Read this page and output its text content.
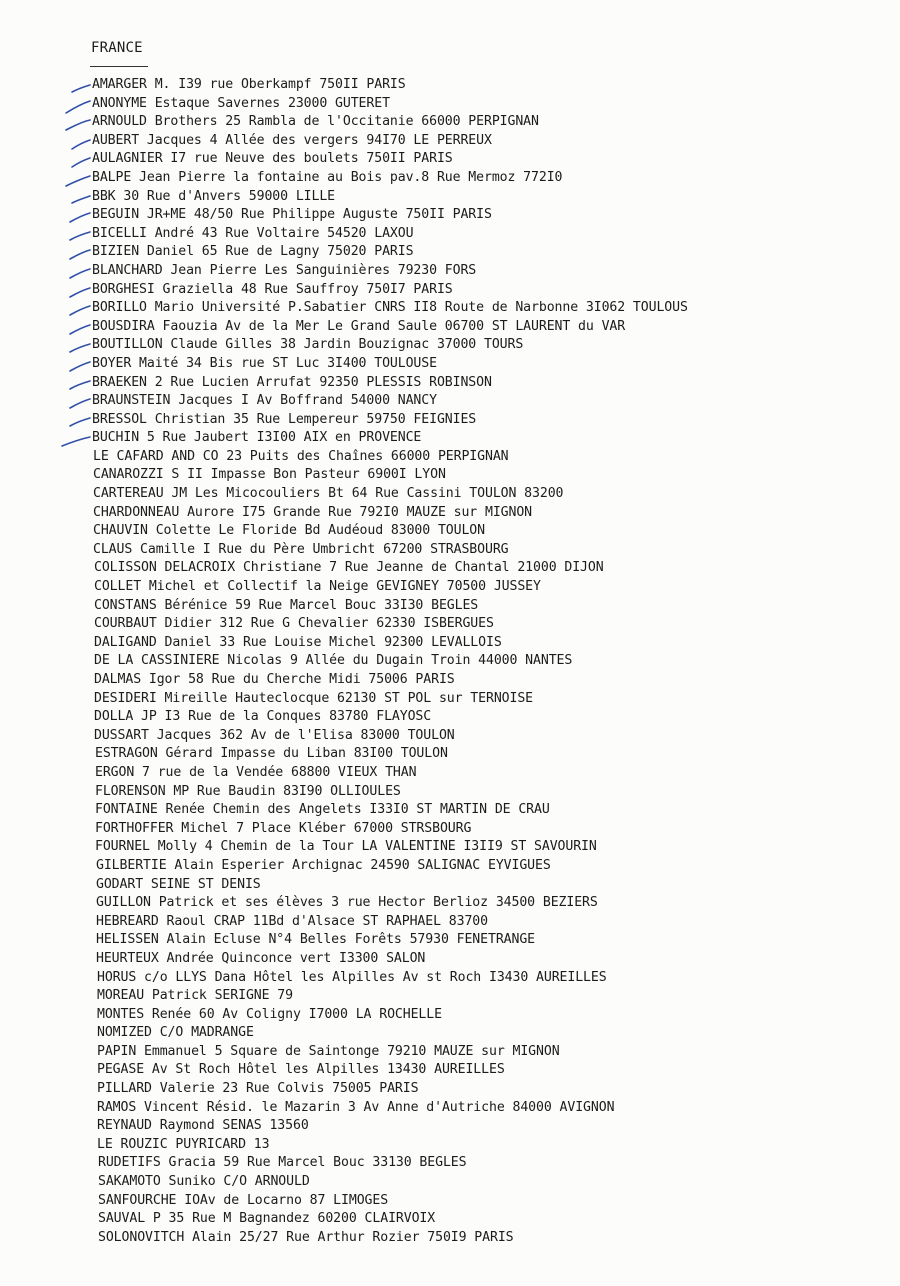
FRANCE
AMARGER M. I39 rue Oberkampf 750II PARIS
ANONYME Estaque Savernes 23000 GUTERET
ARNOULD Brothers 25 Rambla de l'Occitanie 66000 PERPIGNAN
AUBERT Jacques 4 Allée des vergers 94I70 LE PERREUX
AULAGNIER I7 rue Neuve des boulets 750II PARIS
BALPE Jean Pierre la fontaine au Bois pav.8 Rue Mermoz 772I0
BBK 30 Rue d'Anvers 59000 LILLE
BEGUIN JR+ME 48/50 Rue Philippe Auguste 750II PARIS
BICELLI André 43 Rue Voltaire 54520 LAXOU
BIZIEN Daniel 65 Rue de Lagny 75020 PARIS
BLANCHARD Jean Pierre Les Sanguinières 79230 FORS
BORGHESI Graziella 48 Rue Sauffroy 750I7 PARIS
BORILLO Mario Université P.Sabatier CNRS II8 Route de Narbonne 3I062 TOULOUS
BOUSDIRA Faouzia Av de la Mer Le Grand Saule 06700 ST LAURENT du VAR
BOUTILLON Claude Gilles 38 Jardin Bouzignac 37000 TOURS
BOYER Maité 34 Bis rue ST Luc 3I400 TOULOUSE
BRAEKEN 2 Rue Lucien Arrufat 92350 PLESSIS ROBINSON
BRAUNSTEIN Jacques I Av Boffrand 54000 NANCY
BRESSOL Christian 35 Rue Lempereur 59750 FEIGNIES
BUCHIN 5 Rue Jaubert I3I00 AIX en PROVENCE
LE CAFARD AND CO 23 Puits des Chaînes 66000 PERPIGNAN
CANAROZZI S II Impasse Bon Pasteur 6900I LYON
CARTEREAU JM Les Micocouliers Bt 64 Rue Cassini TOULON 83200
CHARDONNEAU Aurore I75 Grande Rue 792I0 MAUZE sur MIGNON
CHAUVIN Colette Le Floride Bd Audéoud 83000 TOULON
CLAUS Camille I Rue du Père Umbricht 67200 STRASBOURG
COLISSON DELACROIX Christiane 7 Rue Jeanne de Chantal 21000 DIJON
COLLET Michel et Collectif la Neige GEVIGNEY 70500 JUSSEY
CONSTANS Bérénice 59 Rue Marcel Bouc 33I30 BEGLES
COURBAUT Didier 312 Rue G Chevalier 62330 ISBERGUES
DALIGAND Daniel 33 Rue Louise Michel 92300 LEVALLOIS
DE LA CASSINIERE Nicolas 9 Allée du Dugain Troin 44000 NANTES
DALMAS Igor 58 Rue du Cherche Midi 75006 PARIS
DESIDERI Mireille Hauteclocque 62130 ST POL sur TERNOISE
DOLLA JP I3 Rue de la Conques 83780 FLAYOSC
DUSSART Jacques 362 Av de l'Elisa 83000 TOULON
ESTRAGON Gérard Impasse du Liban 83I00 TOULON
ERGON 7 rue de la Vendée 68800 VIEUX THAN
FLORENSON MP Rue Baudin 83I90 OLLIOULES
FONTAINE Renée Chemin des Angelets I33I0 ST MARTIN DE CRAU
FORTHOFFER Michel 7 Place Kléber 67000 STRSBOURG
FOURNEL Molly 4 Chemin de la Tour LA VALENTINE I3II9 ST SAVOURIN
GILBERTIE Alain Esperier Archignac 24590 SALIGNAC EYVIGUES
GODART SEINE ST DENIS
GUILLON Patrick et ses élèves 3 rue Hector Berlioz 34500 BEZIERS
HEBREARD Raoul CRAP 11Bd d'Alsace ST RAPHAEL 83700
HELISSEN Alain Ecluse N°4 Belles Forêts 57930 FENETRANGE
HEURTEUX Andrée Quinconce vert I3300 SALON
HORUS c/o LLYS Dana Hôtel les Alpilles Av st Roch I3430 AUREILLES
MOREAU Patrick SERIGNE 79
MONTES Renée 60 Av Coligny I7000 LA ROCHELLE
NOMIZED C/O MADRANGE
PAPIN Emmanuel 5 Square de Saintonge 79210 MAUZE sur MIGNON
PEGASE Av St Roch Hôtel les Alpilles 13430 AUREILLES
PILLARD Valerie 23 Rue Colvis 75005 PARIS
RAMOS Vincent Résid. le Mazarin 3 Av Anne d'Autriche 84000 AVIGNON
REYNAUD Raymond SENAS 13560
LE ROUZIC PUYRICARD 13
RUDETIFS Gracia 59 Rue Marcel Bouc 33130 BEGLES
SAKAMOTO Suniko C/O ARNOULD
SANFOURCHE IOAv de Locarno 87 LIMOGES
SAUVAL P 35 Rue M Bagnandez 60200 CLAIRVOIX
SOLONOVITCH Alain 25/27 Rue Arthur Rozier 750I9 PARIS
